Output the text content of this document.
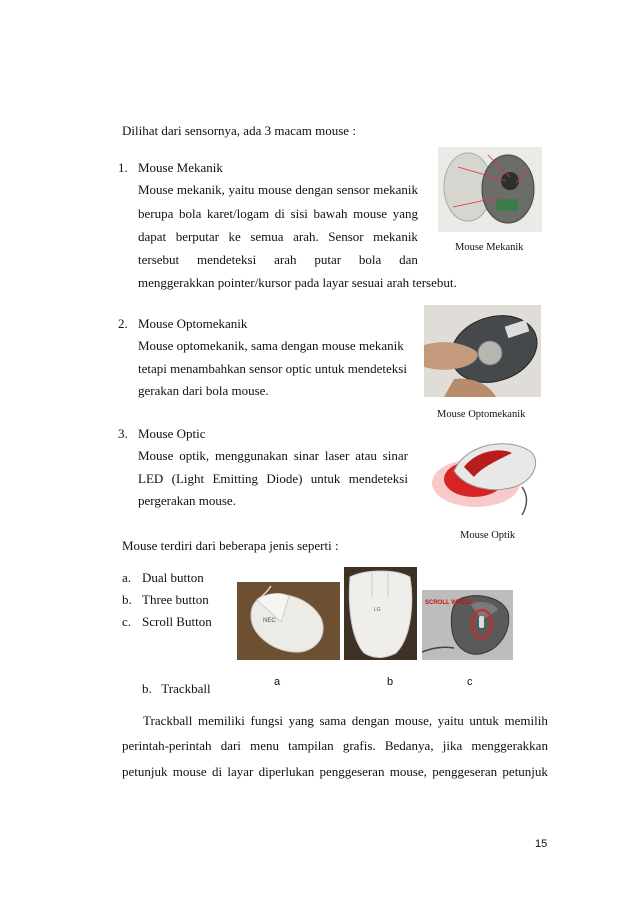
Dilihat dari sensornya, ada 3 macam mouse :
1. Mouse Mekanik
Mouse mekanik, yaitu mouse dengan sensor mekanik
berupa bola karet/logam di sisi bawah mouse yang
dapat berputar ke semua arah. Sensor mekanik
tersebut mendeteksi arah putar bola dan
menggerakkan pointer/kursor pada layar sesuai arah tersebut.
Mouse Mekanik
2. Mouse Optomekanik
Mouse optomekanik, sama dengan mouse mekanik
tetapi menambahkan sensor optic untuk mendeteksi
gerakan dari bola mouse.
Mouse Optomekanik
3. Mouse Optic
Mouse optik, menggunakan sinar laser atau sinar
LED (Light Emitting Diode) untuk mendeteksi
pergerakan mouse.
Mouse Optik
Mouse terdiri dari beberapa jenis seperti :
a. Dual button
b. Three button
c. Scroll Button	NEC
LG
SCROLL WHEEL
a	b	c
b.   Trackball
Trackball memiliki fungsi yang sama dengan mouse, yaitu untuk memilih
perintah-perintah dari menu tampilan grafis. Bedanya, jika menggerakkan
petunjuk mouse di layar diperlukan penggeseran mouse, penggeseran petunjuk
15
